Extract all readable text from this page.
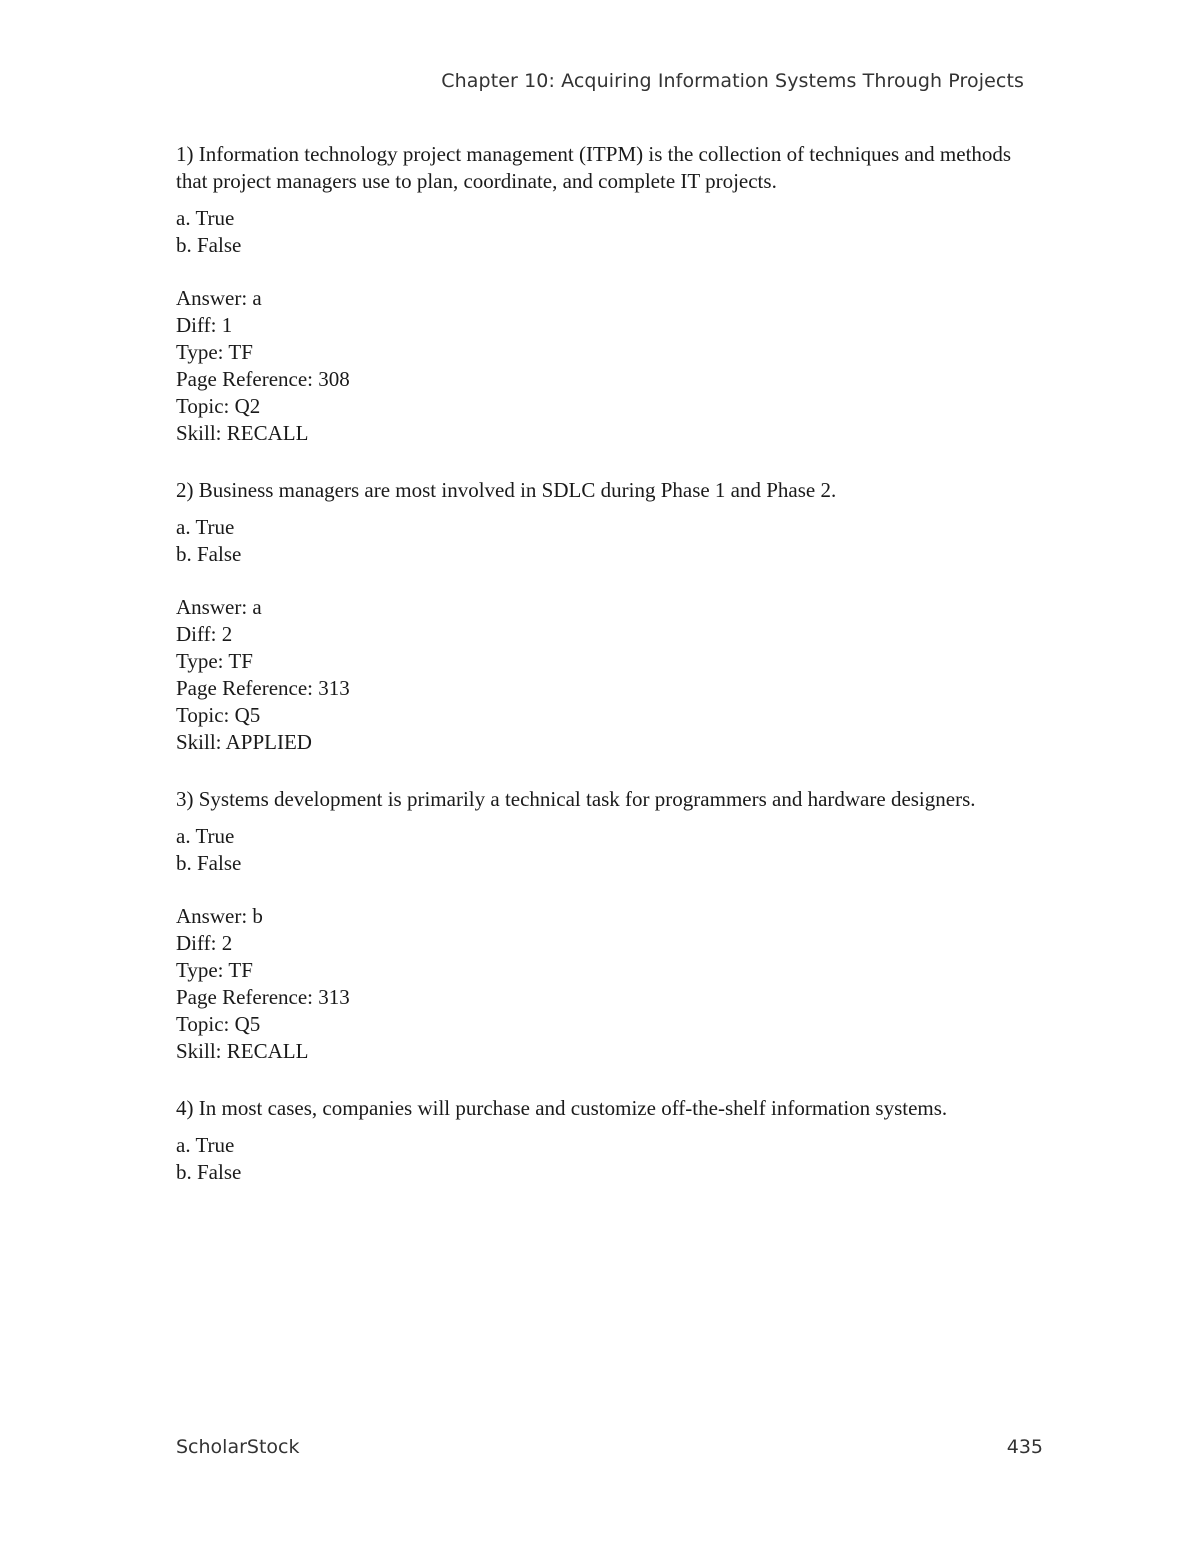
Chapter 10: Acquiring Information Systems Through Projects

1) Information technology project management (ITPM) is the collection of techniques and methods that project managers use to plan, coordinate, and complete IT projects.

a. True
b. False
Answer: a
Diff: 1
Type: TF
Page Reference: 308
Topic: Q2
Skill: RECALL

2) Business managers are most involved in SDLC during Phase 1 and Phase 2.

a. True
b. False
Answer: a
Diff: 2
Type: TF
Page Reference: 313
Topic: Q5
Skill: APPLIED

3) Systems development is primarily a technical task for programmers and hardware designers.

a. True
b. False
Answer: b
Diff: 2
Type: TF
Page Reference: 313
Topic: Q5
Skill: RECALL

4) In most cases, companies will purchase and customize off-the-shelf information systems.

a. True
b. False
ScholarStock	435
